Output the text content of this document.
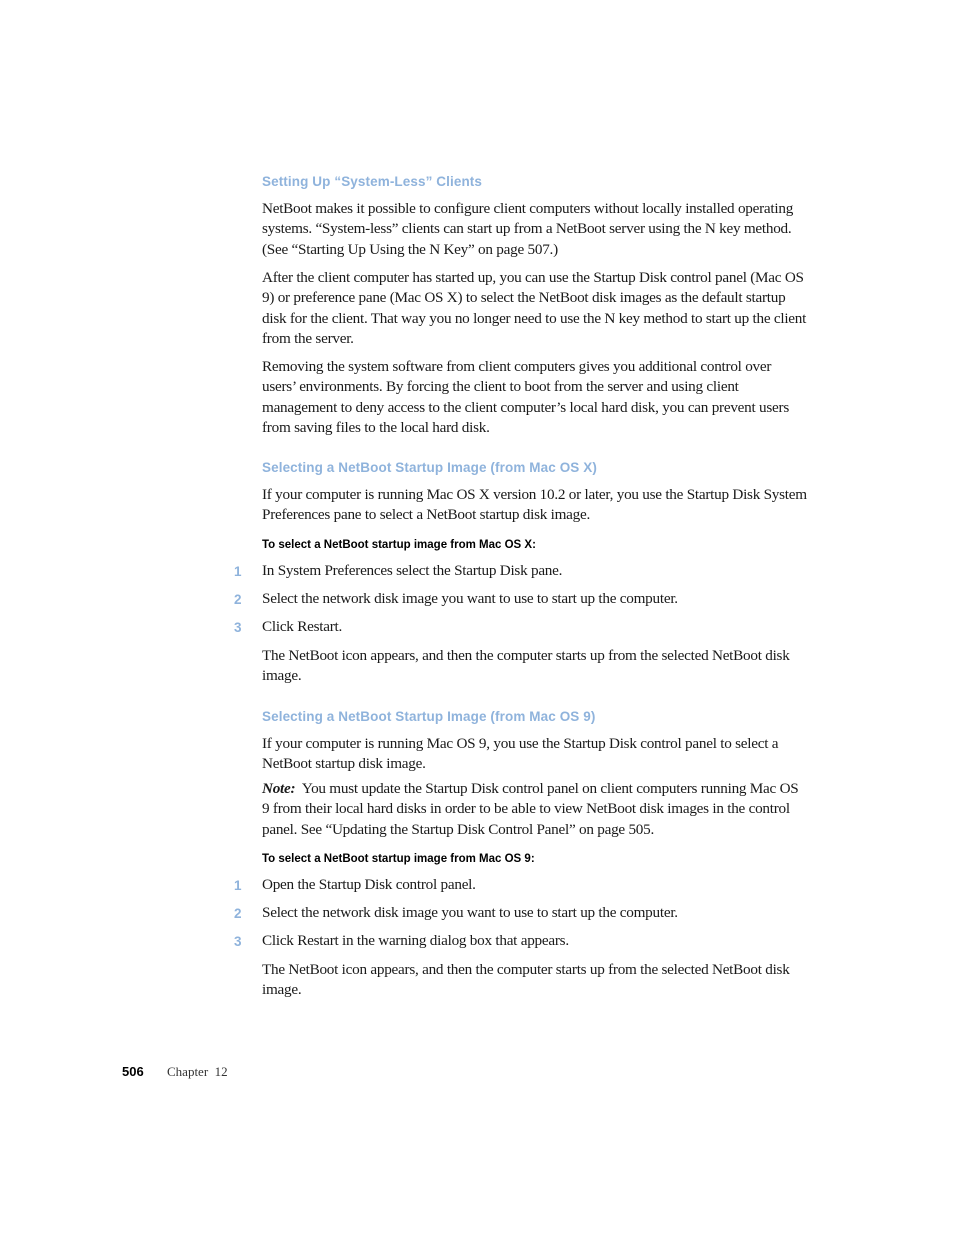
Setting Up “System-Less” Clients
NetBoot makes it possible to configure client computers without locally installed operating systems. “System-less” clients can start up from a NetBoot server using the N key method. (See “Starting Up Using the N Key” on page 507.)
After the client computer has started up, you can use the Startup Disk control panel (Mac OS 9) or preference pane (Mac OS X) to select the NetBoot disk images as the default startup disk for the client. That way you no longer need to use the N key method to start up the client from the server.
Removing the system software from client computers gives you additional control over users’ environments. By forcing the client to boot from the server and using client management to deny access to the client computer’s local hard disk, you can prevent users from saving files to the local hard disk.
Selecting a NetBoot Startup Image (from Mac OS X)
If your computer is running Mac OS X version 10.2 or later, you use the Startup Disk System Preferences pane to select a NetBoot startup disk image.
To select a NetBoot startup image from Mac OS X:
1 In System Preferences select the Startup Disk pane.
2 Select the network disk image you want to use to start up the computer.
3 Click Restart.
The NetBoot icon appears, and then the computer starts up from the selected NetBoot disk image.
Selecting a NetBoot Startup Image (from Mac OS 9)
If your computer is running Mac OS 9, you use the Startup Disk control panel to select a NetBoot startup disk image.
Note: You must update the Startup Disk control panel on client computers running Mac OS 9 from their local hard disks in order to be able to view NetBoot disk images in the control panel. See “Updating the Startup Disk Control Panel” on page 505.
To select a NetBoot startup image from Mac OS 9:
1 Open the Startup Disk control panel.
2 Select the network disk image you want to use to start up the computer.
3 Click Restart in the warning dialog box that appears.
The NetBoot icon appears, and then the computer starts up from the selected NetBoot disk image.
506 Chapter  12
